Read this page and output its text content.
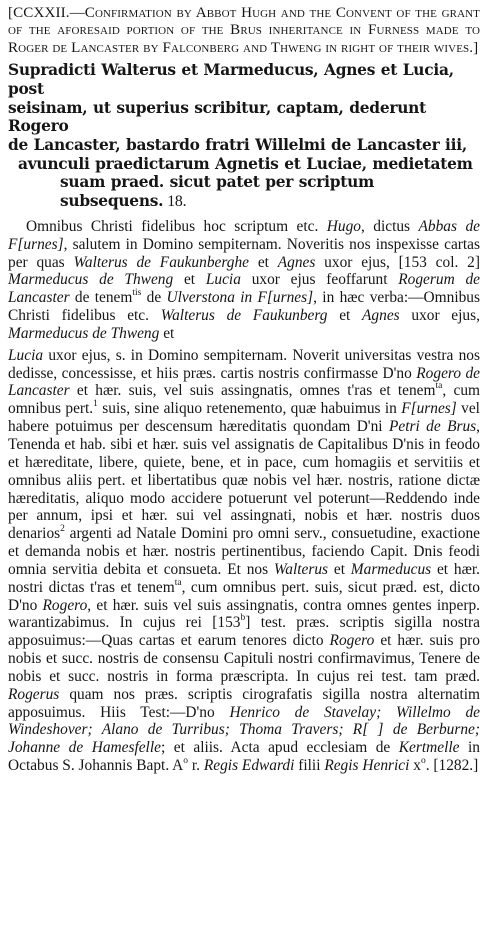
[CCXXII.—Confirmation by Abbot Hugh and the Convent of the grant of the aforesaid portion of the Brus inheritance in Furness made to Roger de Lancaster by Falconberg and Thweng in right of their wives.]

Supradicti Walterus et Marmeducus, Agnes et Lucia, post
seisinam, ut superius scribitur, captam, dederunt Rogero
de Lancaster, bastardo fratri Willelmi de Lancaster iii,
avunculi praedictarum Agnetis et Luciae, medietatem
suam praed. sicut patet per scriptum subsequens. 18.

Omnibus Christi fidelibus hoc scriptum etc. Hugo, dictus Abbas de F[urnes], salutem in Domino sempiternam. Noveritis nos inspexisse cartas per quas Walterus de Faukunberghe et Agnes uxor ejus, [153 col. 2] Marmeducus de Thweng et Lucia uxor ejus feoffarunt Rogerum de Lancaster de tenem$^{tis}$ de Ulverstona in F[urnes], in hæc verba:—Omnibus Christi fidelibus etc. Walterus de Faukunberg et Agnes uxor ejus, Marmeducus de Thweng et

Lucia uxor ejus, s. in Domino sempiternam. Noverit universitas vestra nos dedisse, concessisse, et hiis præs. cartis nostris confirmasse D'no Rogero de Lancaster et hær. suis, vel suis assingnatis, omnes t'ras et tenem$^{ta}$, cum omnibus pert.$^1$ suis, sine aliquo retenemento, quæ habuimus in F[urnes] vel habere potuimus per descensum hæreditatis quondam D'ni Petri de Brus, Tenenda et hab. sibi et hær. suis vel assignatis de Capitalibus D'nis in feodo et hæreditate, libere, quiete, bene, et in pace, cum homagiis et servitiis et omnibus aliis pert. et libertatibus quæ nobis vel hær. nostris, ratione dictæ hæreditatis, aliquo modo accidere potuerunt vel poterunt—Reddendo inde per annum, ipsi et hær. sui vel assingnati, nobis et hær. nostris duos denarios$^2$ argenti ad Natale Domini pro omni serv., consuetudine, exactione et demanda nobis et hær. nostris pertinentibus, faciendo Capit. Dnis feodi omnia servitia debita et consueta. Et nos Walterus et Marmeducus et hær. nostri dictas t'ras et tenem$^{ta}$, cum omnibus pert. suis, sicut præd. est, dicto D'no Rogero, et hær. suis vel suis assingnatis, contra omnes gentes inperp. warantizabimus. In cujus rei [153$^b$] test. præs. scriptis sigilla nostra apposuimus:—Quas cartas et earum tenores dicto Rogero et hær. suis pro nobis et succ. nostris de consensu Capituli nostri confirmavimus, Tenere de nobis et succ. nostris in forma præscripta. In cujus rei test. tam præd. Rogerus quam nos præs. scriptis cirografatis sigilla nostra alternatim apposuimus. Hiis Test:—D'no Henrico de Stavelay; Willelmo de Windeshover; Alano de Turribus; Thoma Travers; R[ ] de Berburne; Johanne de Hamesfelle; et aliis. Acta apud ecclesiam de Kertmelle in Octabus S. Johannis Bapt. $A^o$ r. Regis Edwardi filii Regis Henrici $x^o$. [1282.]
